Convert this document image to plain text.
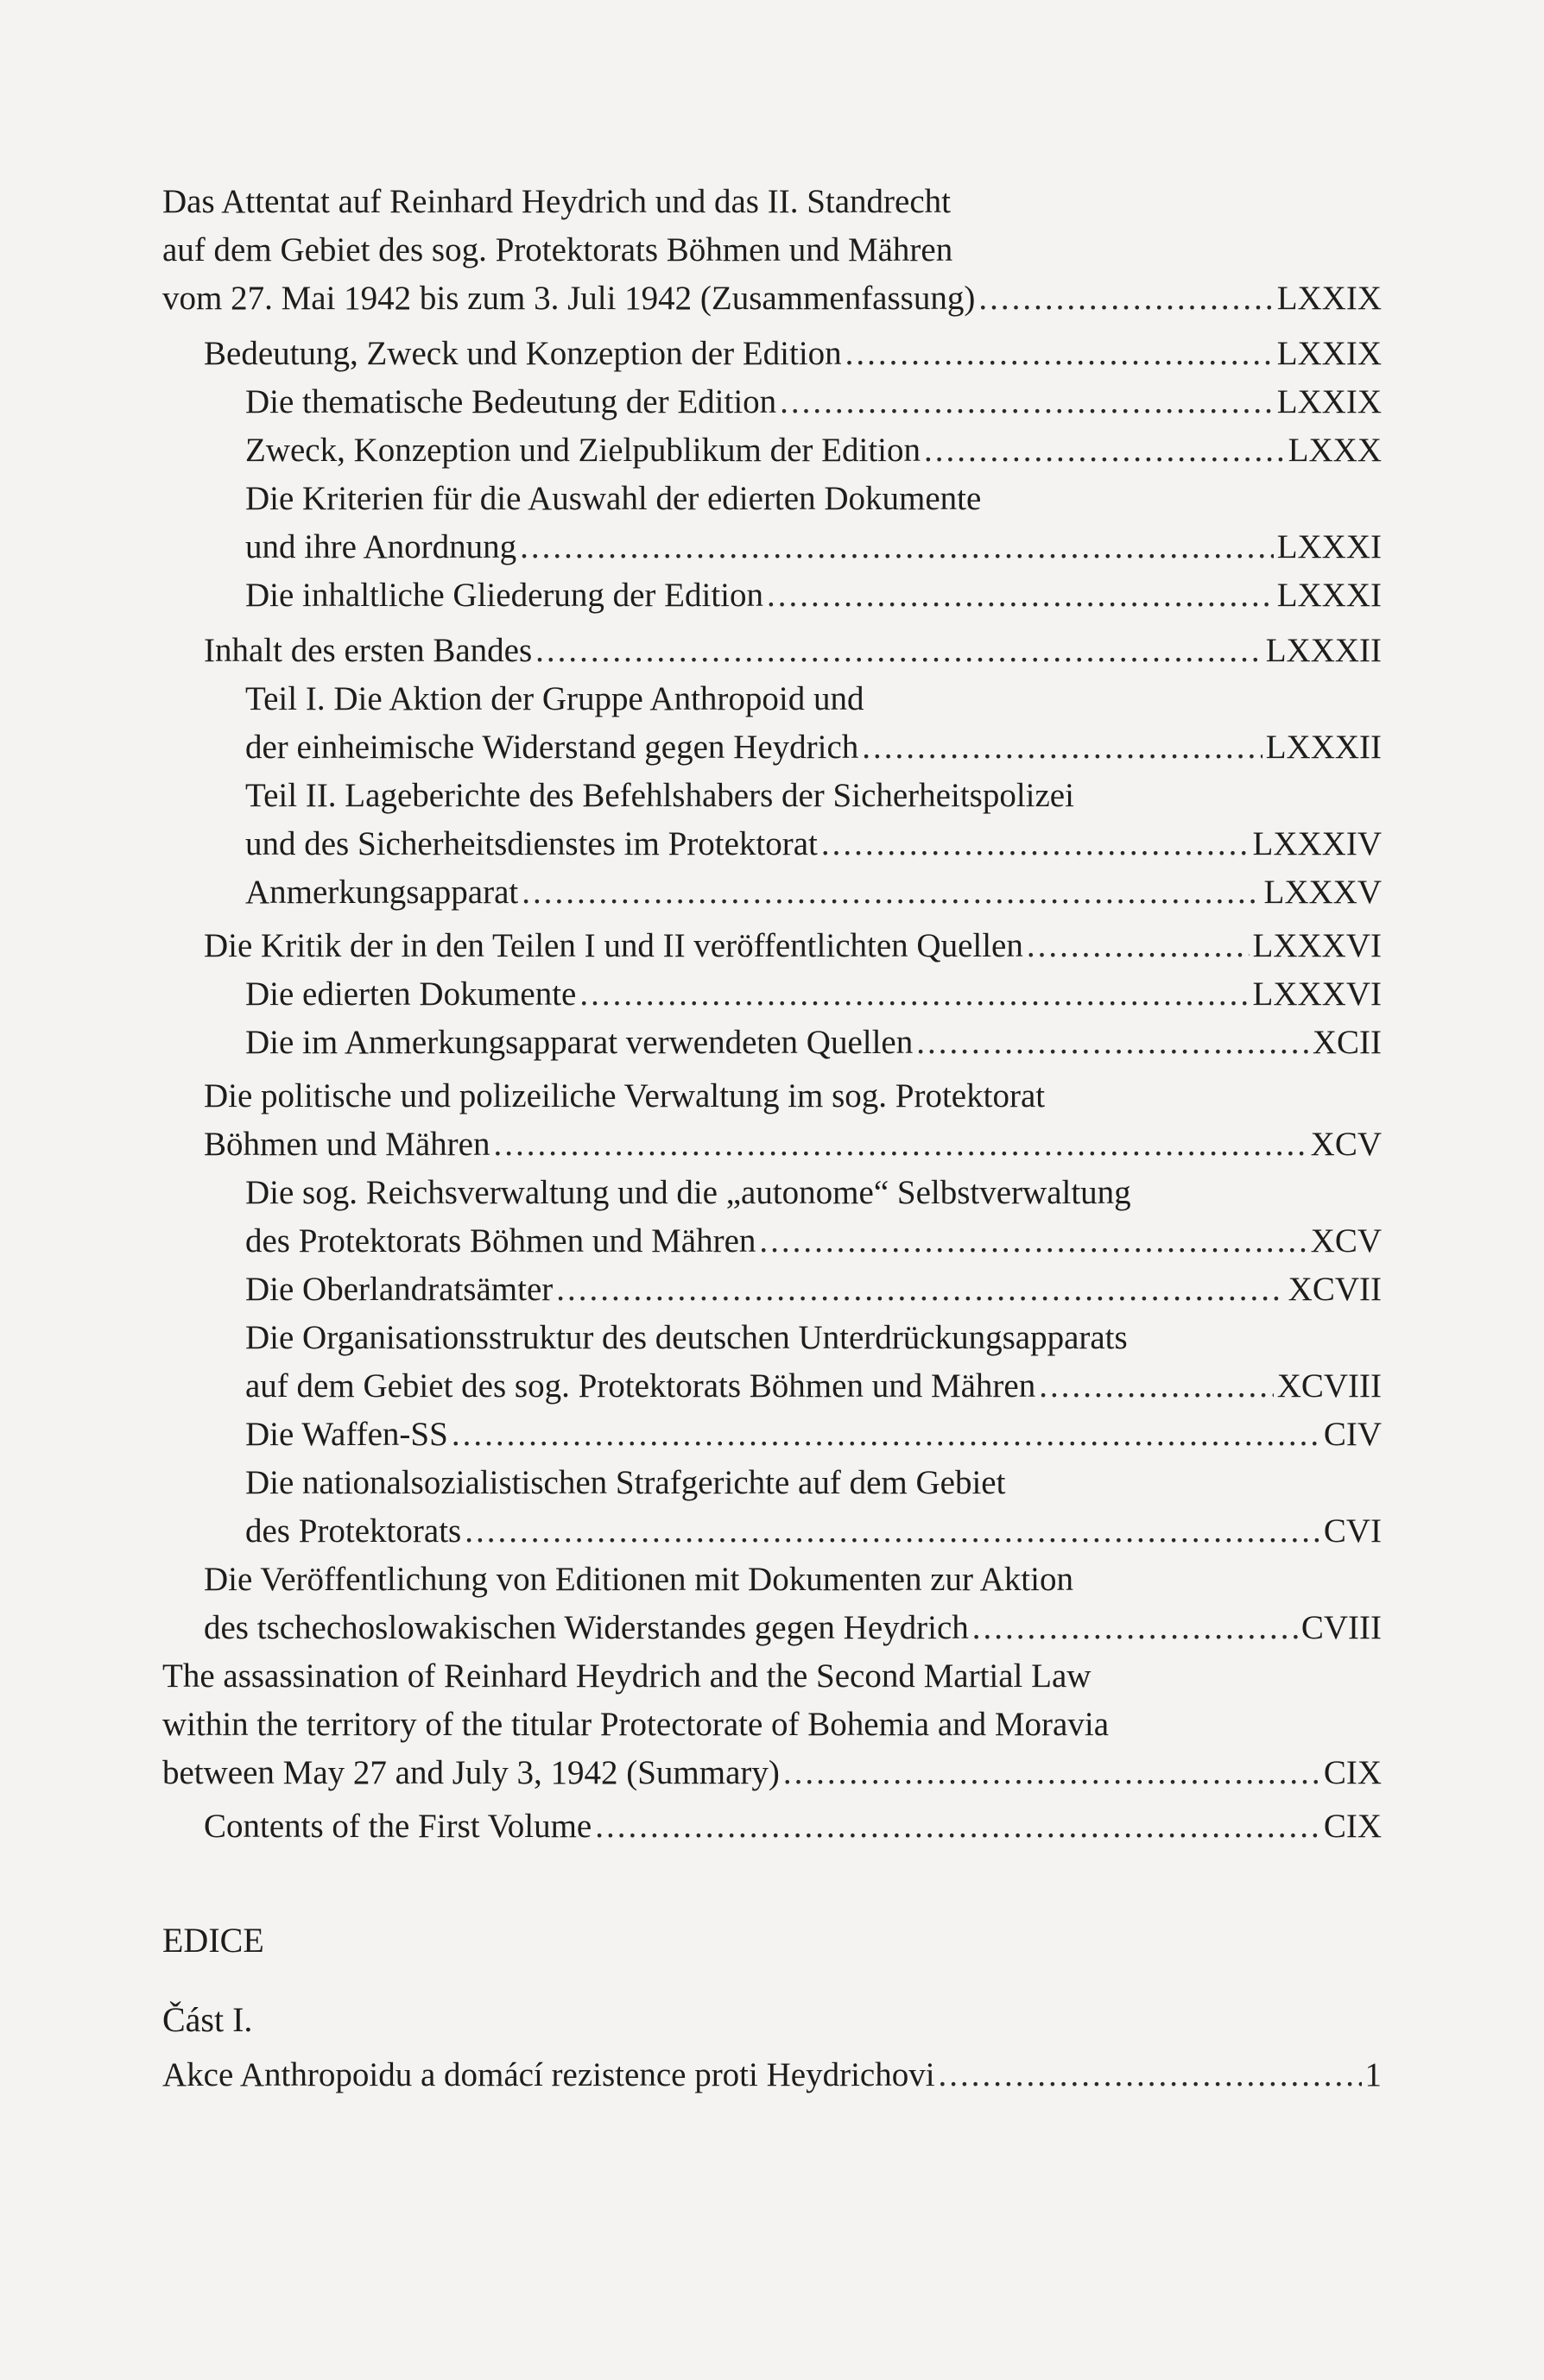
Das Attentat auf Reinhard Heydrich und das II. Standrecht
auf dem Gebiet des sog. Protektorats Böhmen und Mähren
vom 27. Mai 1942 bis zum 3. Juli 1942 (Zusammenfassung) .....	LXXIX
Bedeutung, Zweck und Konzeption der Edition .....	LXXIX
Die thematische Bedeutung der Edition .....	LXXIX
Zweck, Konzeption und Zielpublikum der Edition .....	LXXX
Die Kriterien für die Auswahl der edierten Dokumente
und ihre Anordnung .....	LXXXI
Die inhaltliche Gliederung der Edition .....	LXXXI
Inhalt des ersten Bandes .....	LXXXII
Teil I. Die Aktion der Gruppe Anthropoid und
der einheimische Widerstand gegen Heydrich .....	LXXXII
Teil II. Lageberichte des Befehlshabers der Sicherheitspolizei
und des Sicherheitsdienstes im Protektorat .....	LXXXIV
Anmerkungsapparat .....	LXXXV
Die Kritik der in den Teilen I und II veröffentlichten Quellen .....	LXXXVI
Die edierten Dokumente .....	LXXXVI
Die im Anmerkungsapparat verwendeten Quellen .....	XCII
Die politische und polizeiliche Verwaltung im sog. Protektorat
Böhmen und Mähren .....	XCV
Die sog. Reichsverwaltung und die „autonome“ Selbstverwaltung
des Protektorats Böhmen und Mähren .....	XCV
Die Oberlandratsämter .....	XCVII
Die Organisationsstruktur des deutschen Unterdrückungsapparats
auf dem Gebiet des sog. Protektorats Böhmen und Mähren .....	XCVIII
Die Waffen-SS .....	CIV
Die nationalsozialistischen Strafgerichte auf dem Gebiet
des Protektorats .....	CVI
Die Veröffentlichung von Editionen mit Dokumenten zur Aktion
des tschechoslowakischen Widerstandes gegen Heydrich .....	CVIII
The assassination of Reinhard Heydrich and the Second Martial Law
within the territory of the titular Protectorate of Bohemia and Moravia
between May 27 and July 3, 1942 (Summary) .....	CIX
Contents of the First Volume .....	CIX
EDICE
Část I.
Akce Anthropoidu a domácí rezistence proti Heydrichovi .....	1
